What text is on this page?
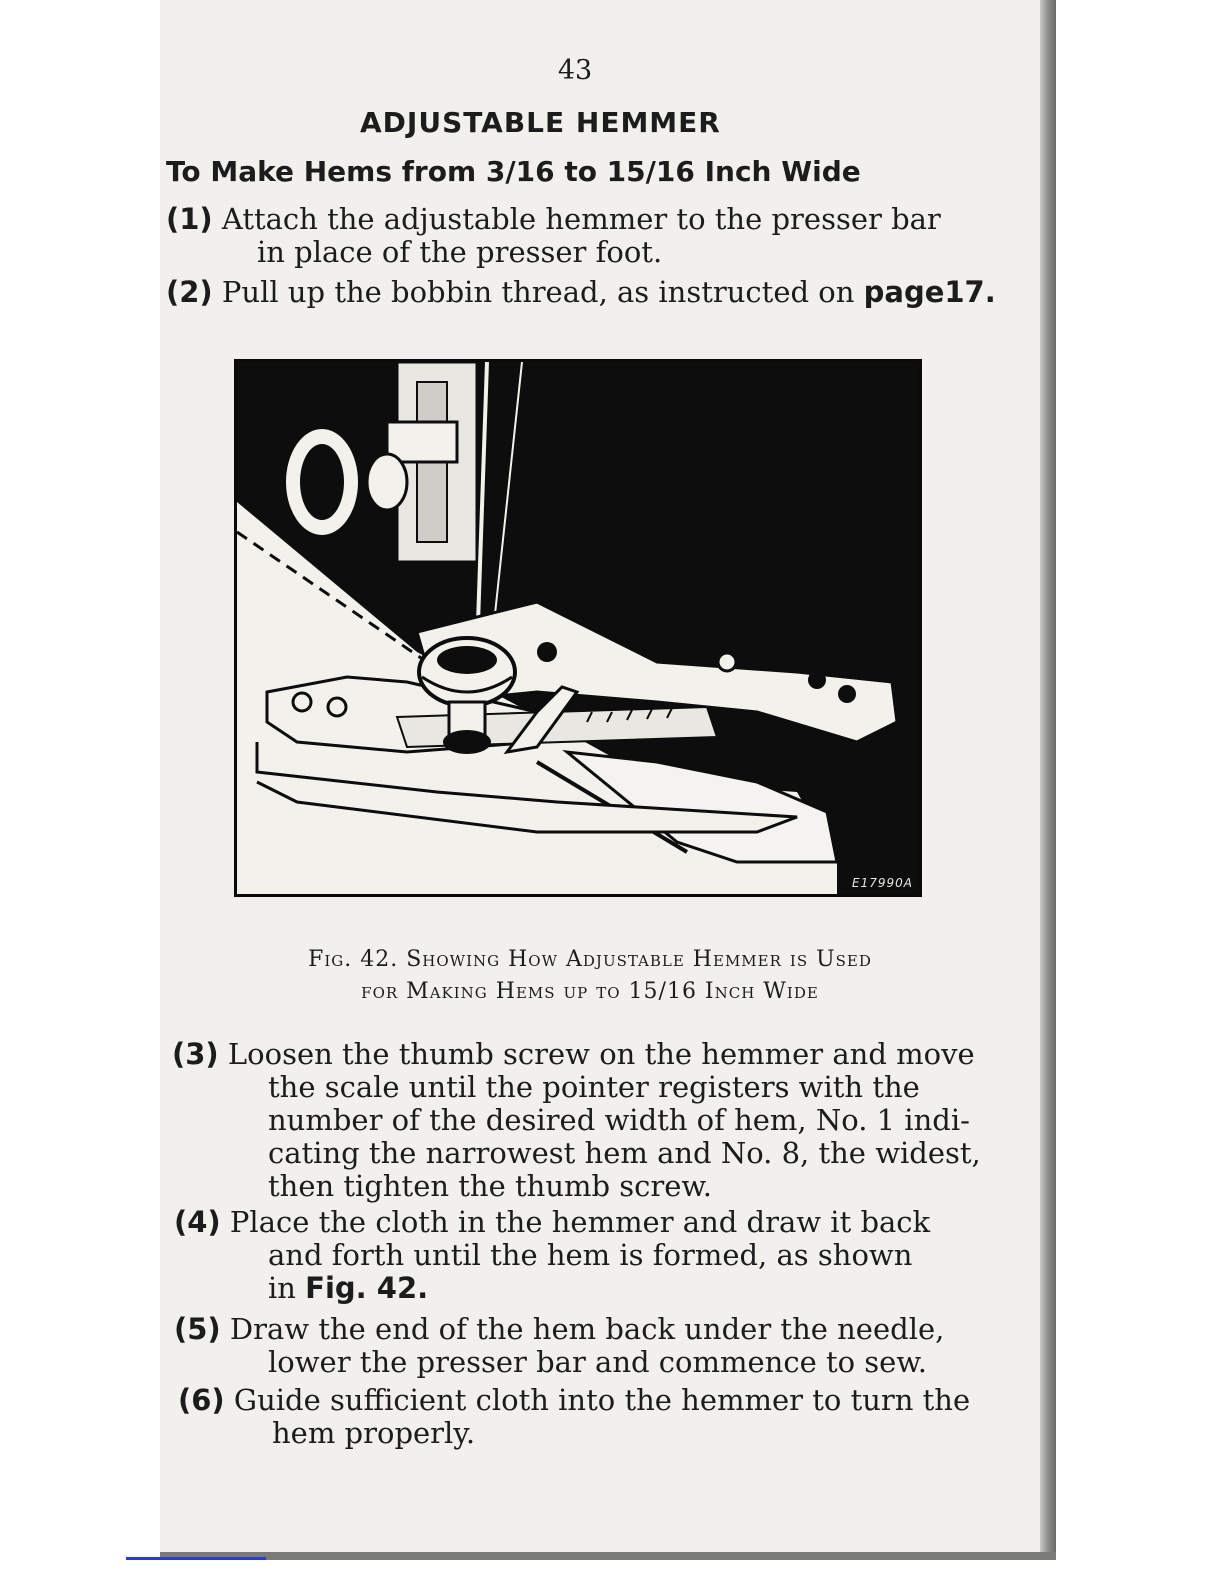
43
ADJUSTABLE HEMMER
To Make Hems from 3/16 to 15/16 Inch Wide
(1) Attach the adjustable hemmer to the presser bar
in place of the presser foot.
(2) Pull up the bobbin thread, as instructed on page17.
E17990A
Fig. 42. Showing How Adjustable Hemmer is Used
for Making Hems up to 15/16 Inch Wide
(3) Loosen the thumb screw on the hemmer and move
the scale until the pointer registers with the
number of the desired width of hem, No. 1 indi-
cating the narrowest hem and No. 8, the widest,
then tighten the thumb screw.
(4) Place the cloth in the hemmer and draw it back
and forth until the hem is formed, as shown
in Fig. 42.
(5) Draw the end of the hem back under the needle,
lower the presser bar and commence to sew.
(6) Guide sufficient cloth into the hemmer to turn the
hem properly.
